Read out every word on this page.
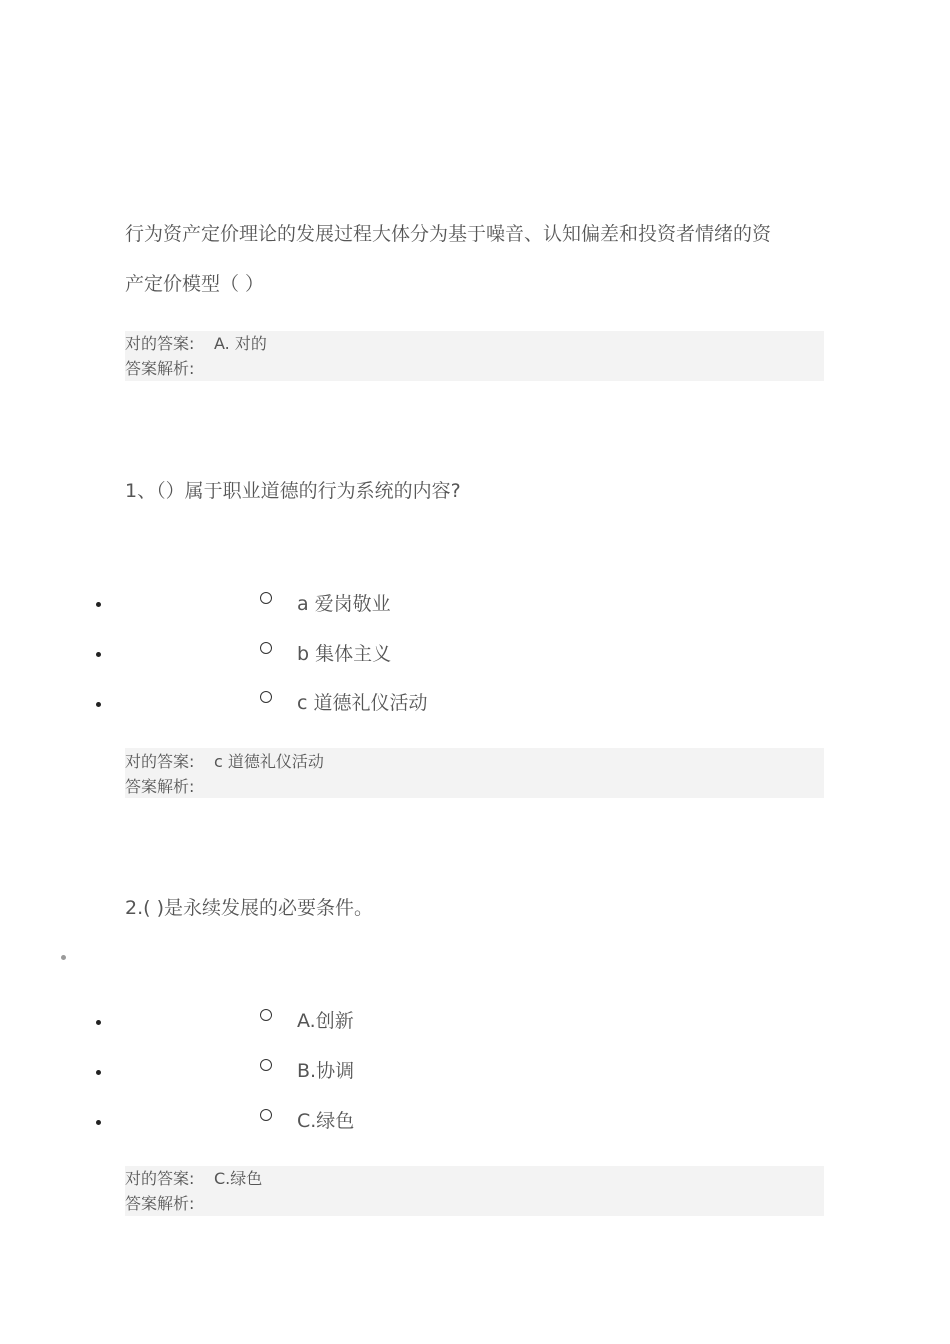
行为资产定价理论的发展过程大体分为基于噪音、认知偏差和投资者情绪的资
产定价模型（ ）
对的答案: A. 对的
答案解析:
1、（）属于职业道德的行为系统的内容?
a 爱岗敬业
b 集体主义
c 道德礼仪活动
对的答案: c 道德礼仪活动
答案解析:
2.( )是永续发展的必要条件。
A.创新
B.协调
C.绿色
对的答案: C.绿色
答案解析:
